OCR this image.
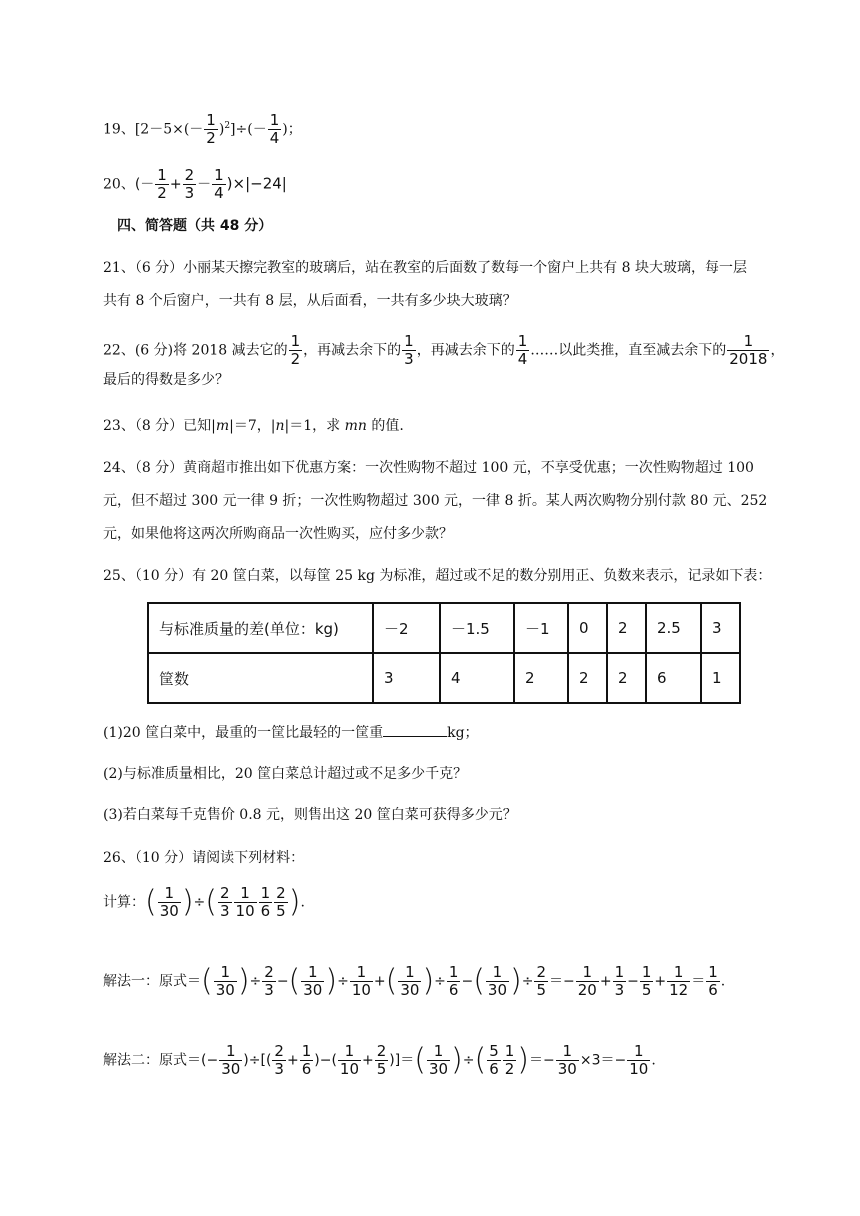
19、$[2-5\times(- \frac{1}{2} )^2]\div(- \frac{1}{4}$ )；
20、(－ $\frac{1}{2} + \frac{2}{3} - \frac{1}{4} )\times|-24|$
四、简答题（共 48 分）
21、（6 分）小丽某天擦完教室的玻璃后，站在教室的后面数了数每一个窗户上共有 8 块大玻璃，每一层
共有 8 个后窗户，一共有 8 层，从后面看，一共有多少块大玻璃？
22、(6 分)将 2018 减去它的 $\frac{1}{2}$ ，再减去余下的 $\frac{1}{3}$ ，再减去余下的 $\frac{1}{4}$ ……以此类推，直至减去余下的 $\frac{1}{2018}$ ，
最后的得数是多少？
23、（8 分）已知|m|＝7，|n|＝1，求 mn 的值.
24、（8 分）黄商超市推出如下优惠方案：一次性购物不超过 100 元，不享受优惠；一次性购物超过 100
元，但不超过 300 元一律 9 折；一次性购物超过 300 元，一律 8 折。某人两次购物分别付款 80 元、252
元，如果他将这两次所购商品一次性购买，应付多少款？
25、（10 分）有 20 筐白菜，以每筐 25 kg 为标准，超过或不足的数分别用正、负数来表示，记录如下表：
与标准质量的差(单位：kg)	－2	－1.5	－1	0	2	2.5	3
筐数	3	4	2	2	2	6	1
(1)20 筐白菜中，最重的一筐比最轻的一筐重	kg；
(2)与标准质量相比，20 筐白菜总计超过或不足多少千克？
(3)若白菜每千克售价 0.8 元，则售出这 20 筐白菜可获得多少元？
26、（10 分）请阅读下列材料：
计算：( $\frac{1}{30}$ )÷( $\frac{2}{3} \frac{1}{10} \frac{1}{6} \frac{2}{5}$ ).
解法一：原式＝( $\frac{1}{30}$ )÷ $\frac{2}{3}$ −( $\frac{1}{30}$ )÷ $\frac{1}{10}$ +( $\frac{1}{30}$ )÷ $\frac{1}{6}$ −( $\frac{1}{30}$ )÷ $\frac{2}{5} =- \frac{1}{20} + \frac{1}{3} - \frac{1}{5} + \frac{1}{12} = \frac{1}{6}$ .
解法二：原式＝(− $\frac{1}{30}$ )÷[( $\frac{2}{3} + \frac{1}{6}$ )−( $\frac{1}{10} + \frac{2}{5}$ )]＝( $\frac{1}{30}$ )÷( $\frac{5}{6} \frac{1}{2}$ )＝− $\frac{1}{30} \times 3=- \frac{1}{10}$ .
